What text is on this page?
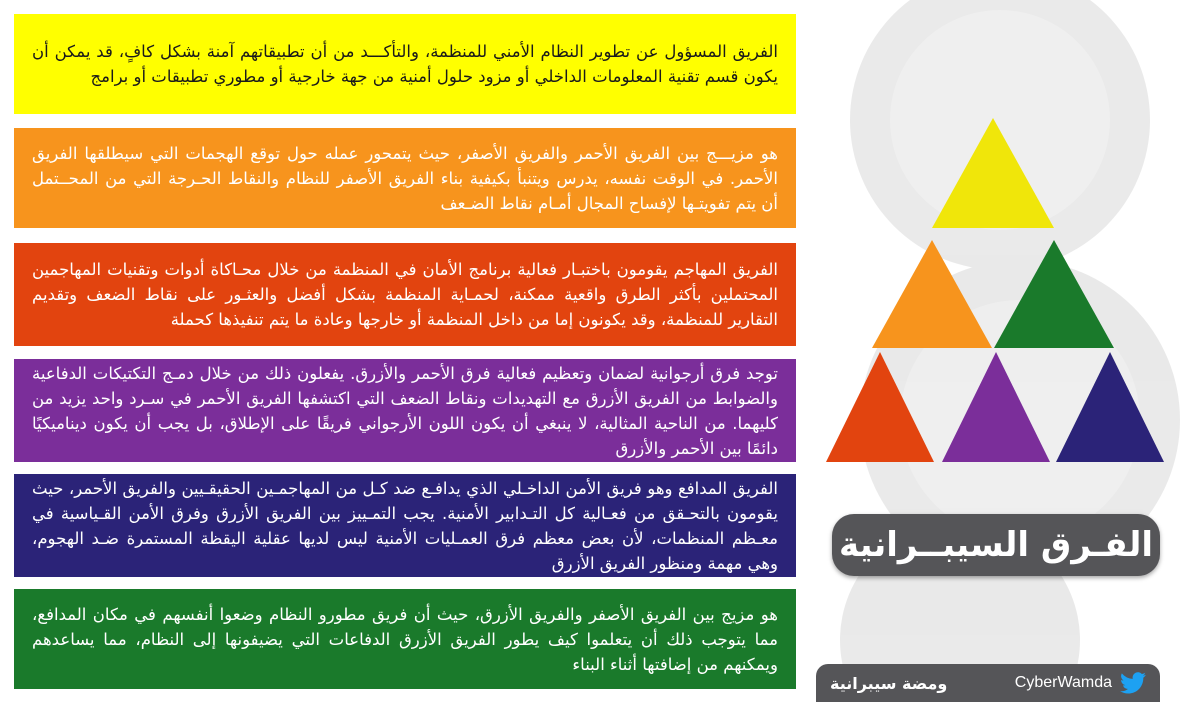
الفريق المسؤول عن تطوير النظام الأمني للمنظمة، والتأكـــد من أن تطبيقاتهم آمنة بشكل كافٍ، قد يمكن أن يكون قسم تقنية المعلومات الداخلي أو مزود حلول أمنية من جهة خارجية أو مطوري تطبيقات أو برامج
هو مزيـــج بين الفريق الأحمر والفريق الأصفر، حيث يتمحور عمله حول توقع الهجمات التي سيطلقها الفريق الأحمر. في الوقت نفسه، يدرس ويتنبأ بكيفية بناء الفريق الأصفر للنظام والنقاط الحـرجة التي من المحــتمل أن يتم تفويتـها لإفساح المجال أمـام نقاط الضـعف
الفريق المهاجم يقومون باختبـار فعالية برنامج الأمان في المنظمة من خلال محـاكاة أدوات وتقنيات المهاجمين المحتملين بأكثر الطرق واقعية ممكنة، لحمـاية المنظمة بشكل أفضل والعثـور على نقاط الضعف وتقديم التقارير للمنظمة، وقد يكونون إما من داخل المنظمة أو خارجها وعادة ما يتم تنفيذها كحملة
توجد فرق أرجوانية لضمان وتعظيم فعالية فرق الأحمر والأزرق. يفعلون ذلك من خلال دمـج التكتيكات الدفاعية والضوابط من الفريق الأزرق مع التهديدات ونقاط الضعف التي اكتشفها الفريق الأحمر في سـرد واحد يزيد من كليهما. من الناحية المثالية، لا ينبغي أن يكون اللون الأرجواني فريقًا على الإطلاق، بل يجب أن يكون ديناميكيًا دائمًا بين الأحمر والأزرق
الفريق المدافع وهو فريق الأمن الداخـلي الذي يدافـع ضد كـل من المهاجمـين الحقيقـيين والفريق الأحمر، حيث يقومون بالتحـقق من فعـالية كل التـدابير الأمنية. يجب التمـييز بين الفريق الأزرق وفرق الأمن القـياسية في معـظم المنظمات، لأن بعض معظم فرق العمـليات الأمنية ليس لديها عقلية اليقظة المستمرة ضـد الهجوم، وهي مهمة ومنظور الفريق الأزرق
هو مزيج بين الفريق الأصفر والفريق الأزرق، حيث أن فريق مطورو النظام وضعوا أنفسهم في مكان المدافع، مما يتوجب ذلك أن يتعلموا كيف يطور الفريق الأزرق الدفاعات التي يضيفونها إلى النظام، مما يساعدهم ويمكنهم من إضافتها أثناء البناء
الفـرق السيبــرانية
ومضة سيبرانية	CyberWamda
